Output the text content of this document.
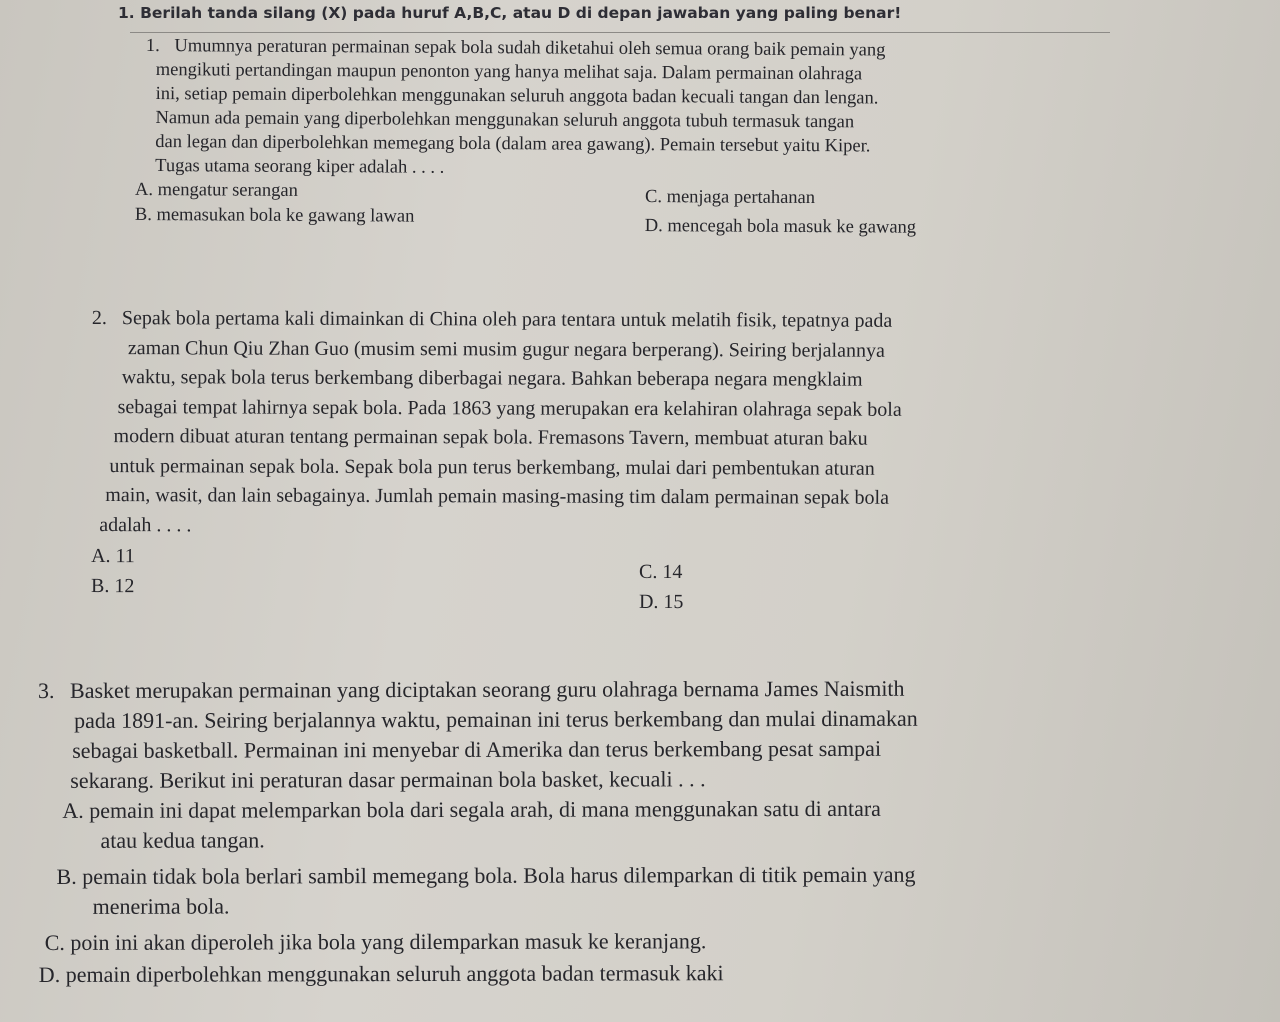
1. Berilah tanda silang (X) pada huruf A,B,C, atau D di depan jawaban yang paling benar!
1. Umumnya peraturan permainan sepak bola sudah diketahui oleh semua orang baik pemain yang
mengikuti pertandingan maupun penonton yang hanya melihat saja. Dalam permainan olahraga
ini, setiap pemain diperbolehkan menggunakan seluruh anggota badan kecuali tangan dan lengan.
Namun ada pemain yang diperbolehkan menggunakan seluruh anggota tubuh termasuk tangan
dan legan dan diperbolehkan memegang bola (dalam area gawang). Pemain tersebut yaitu Kiper.
Tugas utama seorang kiper adalah . . . .
A. mengatur serangan	C. menjaga pertahanan
B. memasukan bola ke gawang lawan
D. mencegah bola masuk ke gawang
2. Sepak bola pertama kali dimainkan di China oleh para tentara untuk melatih fisik, tepatnya pada
zaman Chun Qiu Zhan Guo (musim semi musim gugur negara berperang). Seiring berjalannya
waktu, sepak bola terus berkembang diberbagai negara. Bahkan beberapa negara mengklaim
sebagai tempat lahirnya sepak bola. Pada 1863 yang merupakan era kelahiran olahraga sepak bola
modern dibuat aturan tentang permainan sepak bola. Fremasons Tavern, membuat aturan baku
untuk permainan sepak bola. Sepak bola pun terus berkembang, mulai dari pembentukan aturan
main, wasit, dan lain sebagainya. Jumlah pemain masing-masing tim dalam permainan sepak bola
adalah . . . .
A. 11
B. 12
C. 14
D. 15
3. Basket merupakan permainan yang diciptakan seorang guru olahraga bernama James Naismith
pada 1891-an. Seiring berjalannya waktu, pemainan ini terus berkembang dan mulai dinamakan
sebagai basketball. Permainan ini menyebar di Amerika dan terus berkembang pesat sampai
sekarang. Berikut ini peraturan dasar permainan bola basket, kecuali . . .
A. pemain ini dapat melemparkan bola dari segala arah, di mana menggunakan satu di antara
atau kedua tangan.
B. pemain tidak bola berlari sambil memegang bola. Bola harus dilemparkan di titik pemain yang
menerima bola.
C. poin ini akan diperoleh jika bola yang dilemparkan masuk ke keranjang.
D. pemain diperbolehkan menggunakan seluruh anggota badan termasuk kaki
